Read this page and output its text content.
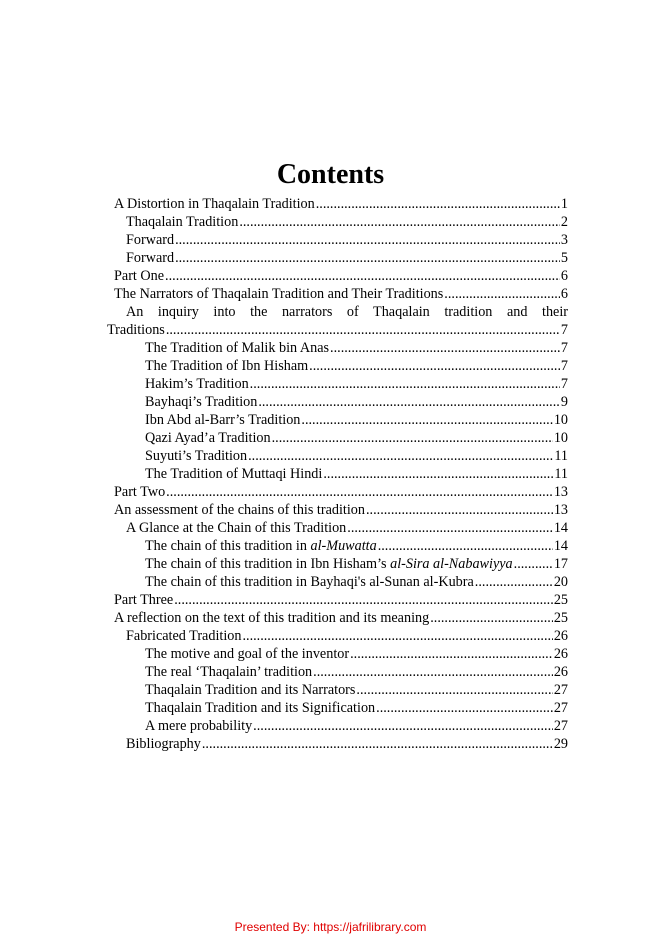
Contents
A Distortion in Thaqalain Tradition .....	1
Thaqalain Tradition .....	2
Forward .....	3
Forward .....	5
Part One .....	6
The Narrators of Thaqalain Tradition and Their Traditions .....	6
An inquiry into the narrators of Thaqalain tradition and their
Traditions .....	7
The Tradition of Malik bin Anas .....	7
The Tradition of Ibn Hisham .....	7
Hakim’s Tradition .....	7
Bayhaqi’s Tradition .....	9
Ibn Abd al-Barr’s Tradition .....	10
Qazi Ayad’a Tradition .....	10
Suyuti’s Tradition .....	11
The Tradition of Muttaqi Hindi .....	11
Part Two .....	13
An assessment of the chains of this tradition .....	13
A Glance at the Chain of this Tradition .....	14
The chain of this tradition in al-Muwatta .....	14
The chain of this tradition in Ibn Hisham’s al-Sira al-Nabawiyya .....	17
The chain of this tradition in Bayhaqi's al-Sunan al-Kubra .....	20
Part Three .....	25
A reflection on the text of this tradition and its meaning .....	25
Fabricated Tradition .....	26
The motive and goal of the inventor .....	26
The real ‘Thaqalain’ tradition .....	26
Thaqalain Tradition and its Narrators .....	27
Thaqalain Tradition and its Signification .....	27
A mere probability .....	27
Bibliography .....	29
Presented By: https://jafrilibrary.com
